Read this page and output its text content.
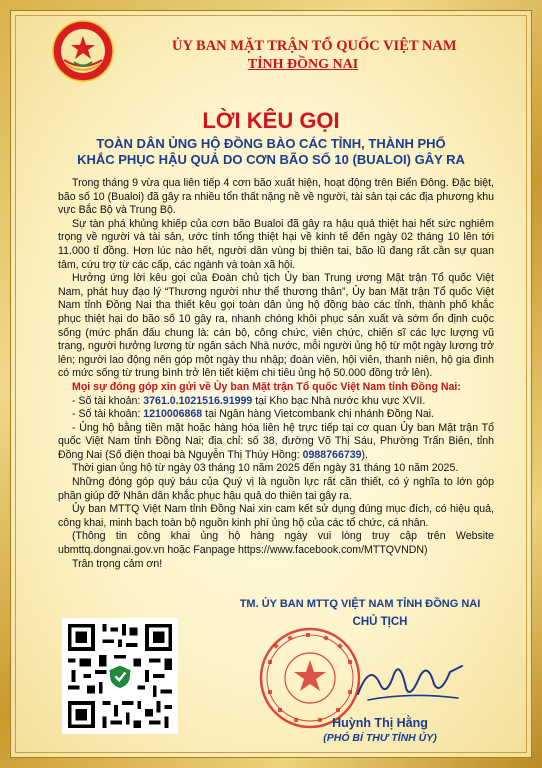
ỦY BAN MẶT TRẬN TỔ QUỐC VIỆT NAM
TỈNH ĐỒNG NAI
LỜI KÊU GỌI
TOÀN DÂN ỦNG HỘ ĐỒNG BÀO CÁC TỈNH, THÀNH PHỐ
KHẮC PHỤC HẬU QUẢ DO CƠN BÃO SỐ 10 (BUALOI) GÂY RA

Trong tháng 9 vừa qua liên tiếp 4 cơn bão xuất hiện, hoạt động trên Biển Đông. Đặc biệt, bão số 10 (Bualoi) đã gây ra nhiều tổn thất nặng nề về người, tài sản tại các địa phương khu vực Bắc Bộ và Trung Bộ.

Sự tàn phá khủng khiếp của cơn bão Bualoi đã gây ra hậu quả thiệt hại hết sức nghiêm trọng về người và tài sản, ước tính tổng thiệt hại về kinh tế đến ngày 02 tháng 10 lên tới 11.000 tỉ đồng. Hơn lúc nào hết, người dân vùng bị thiên tai, bão lũ đang rất cần sự quan tâm, cứu trợ từ các cấp, các ngành và toàn xã hội.

Hưởng ứng lời kêu gọi của Đoàn chủ tịch Ủy ban Trung ương Mặt trận Tổ quốc Việt Nam, phát huy đạo lý “Thương người như thể thương thân”, Ủy ban Mặt trận Tổ quốc Việt Nam tỉnh Đồng Nai tha thiết kêu gọi toàn dân ủng hộ đồng bào các tỉnh, thành phố khắc phục thiệt hại do bão số 10 gây ra, nhanh chóng khôi phục sản xuất và sớm ổn định cuộc sống (mức phấn đấu chung là: cán bộ, công chức, viên chức, chiến sĩ các lực lượng vũ trang, người hưởng lương từ ngân sách Nhà nước, mỗi người ủng hộ từ một ngày lương trở lên; người lao động nên góp một ngày thu nhập; đoàn viên, hội viên, thanh niên, hộ gia đình có mức sống từ trung bình trở lên tiết kiệm chi tiêu ủng hộ 50.000 đồng trở lên).

Mọi sự đóng góp xin gửi về Ủy ban Mặt trận Tổ quốc Việt Nam tỉnh Đồng Nai:

- Số tài khoản: 3761.0.1021516.91999 tại Kho bạc Nhà nước khu vực XVII.

- Số tài khoản: 1210006868 tại Ngân hàng Vietcombank chi nhánh Đồng Nai.

- Ủng hộ bằng tiền mặt hoặc hàng hóa liên hệ trực tiếp tại cơ quan Ủy ban Mặt trận Tổ quốc Việt Nam tỉnh Đồng Nai; địa chỉ: số 38, đường Võ Thị Sáu, Phường Trấn Biên, tỉnh Đồng Nai (Số điện thoại bà Nguyễn Thị Thúy Hồng: 0988766739).

Thời gian ủng hộ từ ngày 03 tháng 10 năm 2025 đến ngày 31 tháng 10 năm 2025.

Những đóng góp quý báu của Quý vị là nguồn lực rất cần thiết, có ý nghĩa to lớn góp phần giúp đỡ Nhân dân khắc phục hậu quả do thiên tai gây ra.

Ủy ban MTTQ Việt Nam tỉnh Đồng Nai xin cam kết sử dụng đúng mục đích, có hiệu quả, công khai, minh bạch toàn bộ nguồn kinh phí ủng hộ của các tổ chức, cá nhân.

(Thông tin công khai ủng hộ hàng ngày vui lòng truy cập trên Website ubmttq.dongnai.gov.vn hoặc Fanpage https://www.facebook.com/MTTQVNDN)

Trân trọng cảm ơn!

TM. ỦY BAN MTTQ VIỆT NAM TỈNH ĐỒNG NAI
CHỦ TỊCH
Huỳnh Thị Hằng
(PHÓ BÍ THƯ TỈNH ỦY)
